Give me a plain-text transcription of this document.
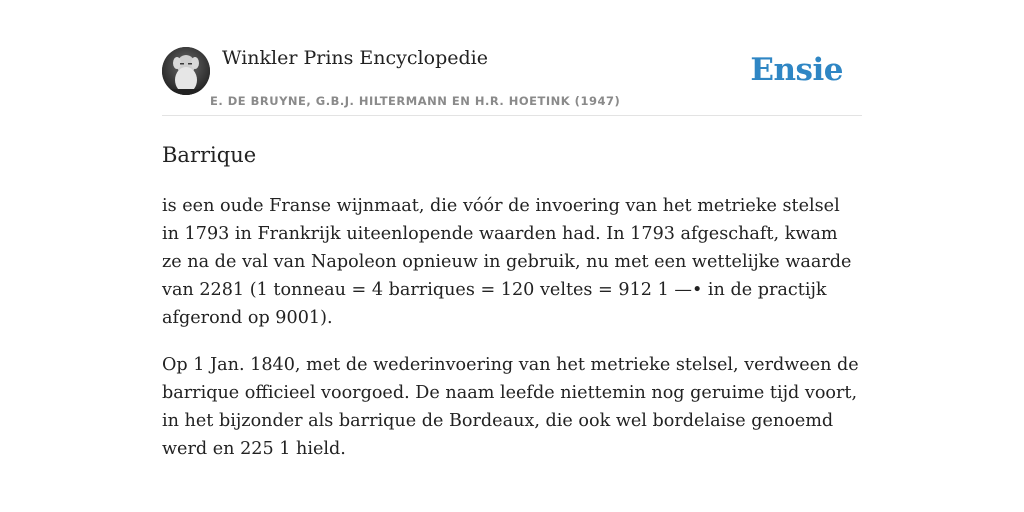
Winkler Prins Encyclopedie
E. DE BRUYNE, G.B.J. HILTERMANN EN H.R. HOETINK (1947)
Ensie
Barrique

is een oude Franse wijnmaat, die vóór de invoering van het metrieke stelsel in 1793 in Frankrijk uiteenlopende waarden had. In 1793 afgeschaft, kwam ze na de val van Napoleon opnieuw in gebruik, nu met een wettelijke waarde van 2281 (1 tonneau = 4 barriques = 120 veltes = 912 1 —• in de practijk afgerond op 9001).

Op 1 Jan. 1840, met de wederinvoering van het metrieke stelsel, verdween de barrique officieel voorgoed. De naam leefde niettemin nog geruime tijd voort, in het bijzonder als barrique de Bordeaux, die ook wel bordelaise genoemd werd en 225 1 hield.
